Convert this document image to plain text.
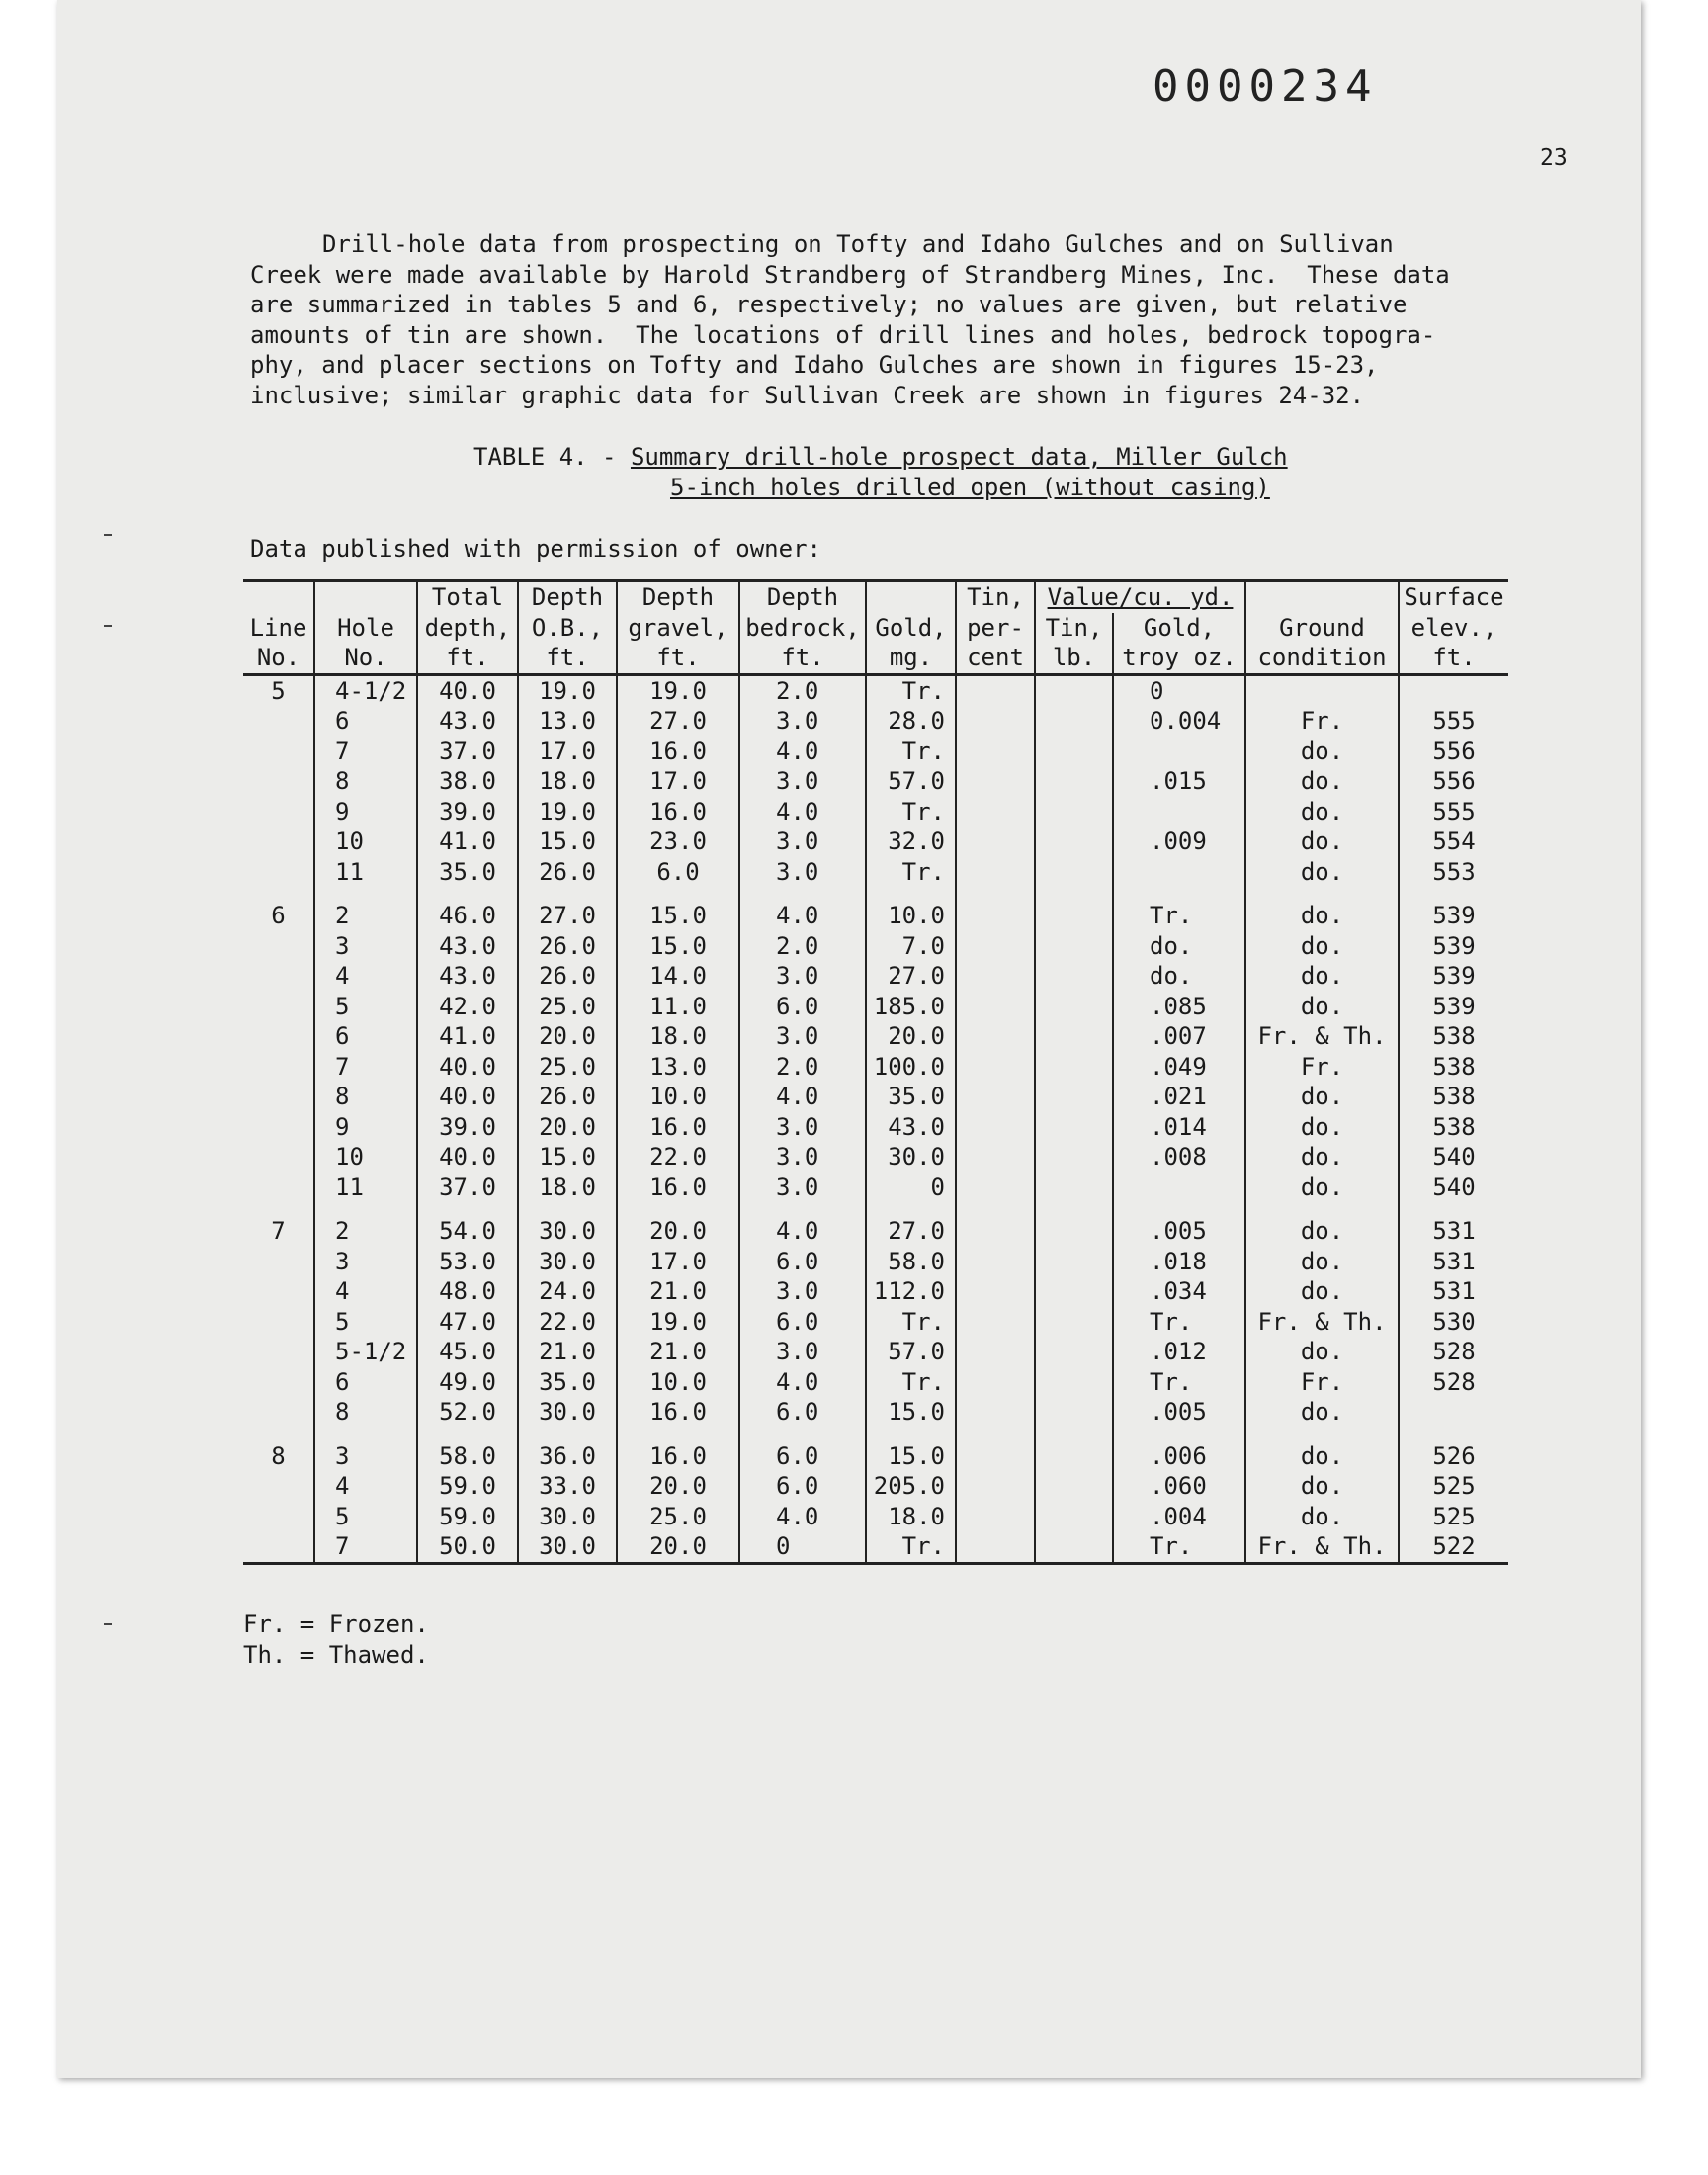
0000234
23

Drill-hole data from prospecting on Tofty and Idaho Gulches and on Sullivan
Creek were made available by Harold Strandberg of Strandberg Mines, Inc.  These data
are summarized in tables 5 and 6, respectively; no values are given, but relative
amounts of tin are shown.  The locations of drill lines and holes, bedrock topogra-
phy, and placer sections on Tofty and Idaho Gulches are shown in figures 15-23,
inclusive; similar graphic data for Sullivan Creek are shown in figures 24-32.

TABLE 4. - Summary drill-hole prospect data, Miller Gulch
5-inch holes drilled open (without casing)
Data published with permission of owner:
		Total	Depth	Depth	Depth		Tin,	Value/cu. yd.			Surface
Line	Hole	depth,	O.B.,	gravel,	bedrock,	Gold,	per-	Tin,	Gold,	Ground	elev.,
No.	No.	ft.	ft.	ft.	ft.	mg.	cent	lb.	troy oz.	condition	ft.
5	4-1/2	40.0	19.0	19.0	2.0	Tr.			0		
	6	43.0	13.0	27.0	3.0	28.0			0.004	Fr.	555
	7	37.0	17.0	16.0	4.0	Tr.				do.	556
	8	38.0	18.0	17.0	3.0	57.0			.015	do.	556
	9	39.0	19.0	16.0	4.0	Tr.				do.	555
	10	41.0	15.0	23.0	3.0	32.0			.009	do.	554
	11	35.0	26.0	6.0	3.0	Tr.				do.	553

6	2	46.0	27.0	15.0	4.0	10.0			Tr.	do.	539
	3	43.0	26.0	15.0	2.0	7.0			do.	do.	539
	4	43.0	26.0	14.0	3.0	27.0			do.	do.	539
	5	42.0	25.0	11.0	6.0	185.0			.085	do.	539
	6	41.0	20.0	18.0	3.0	20.0			.007	Fr. & Th.	538
	7	40.0	25.0	13.0	2.0	100.0			.049	Fr.	538
	8	40.0	26.0	10.0	4.0	35.0			.021	do.	538
	9	39.0	20.0	16.0	3.0	43.0			.014	do.	538
	10	40.0	15.0	22.0	3.0	30.0			.008	do.	540
	11	37.0	18.0	16.0	3.0	0				do.	540

7	2	54.0	30.0	20.0	4.0	27.0			.005	do.	531
	3	53.0	30.0	17.0	6.0	58.0			.018	do.	531
	4	48.0	24.0	21.0	3.0	112.0			.034	do.	531
	5	47.0	22.0	19.0	6.0	Tr.			Tr.	Fr. & Th.	530
	5-1/2	45.0	21.0	21.0	3.0	57.0			.012	do.	528
	6	49.0	35.0	10.0	4.0	Tr.			Tr.	Fr.	528
	8	52.0	30.0	16.0	6.0	15.0			.005	do.	

8	3	58.0	36.0	16.0	6.0	15.0			.006	do.	526
	4	59.0	33.0	20.0	6.0	205.0			.060	do.	525
	5	59.0	30.0	25.0	4.0	18.0			.004	do.	525
	7	50.0	30.0	20.0	0	Tr.			Tr.	Fr. & Th.	522
Fr. = Frozen.
Th. = Thawed.
